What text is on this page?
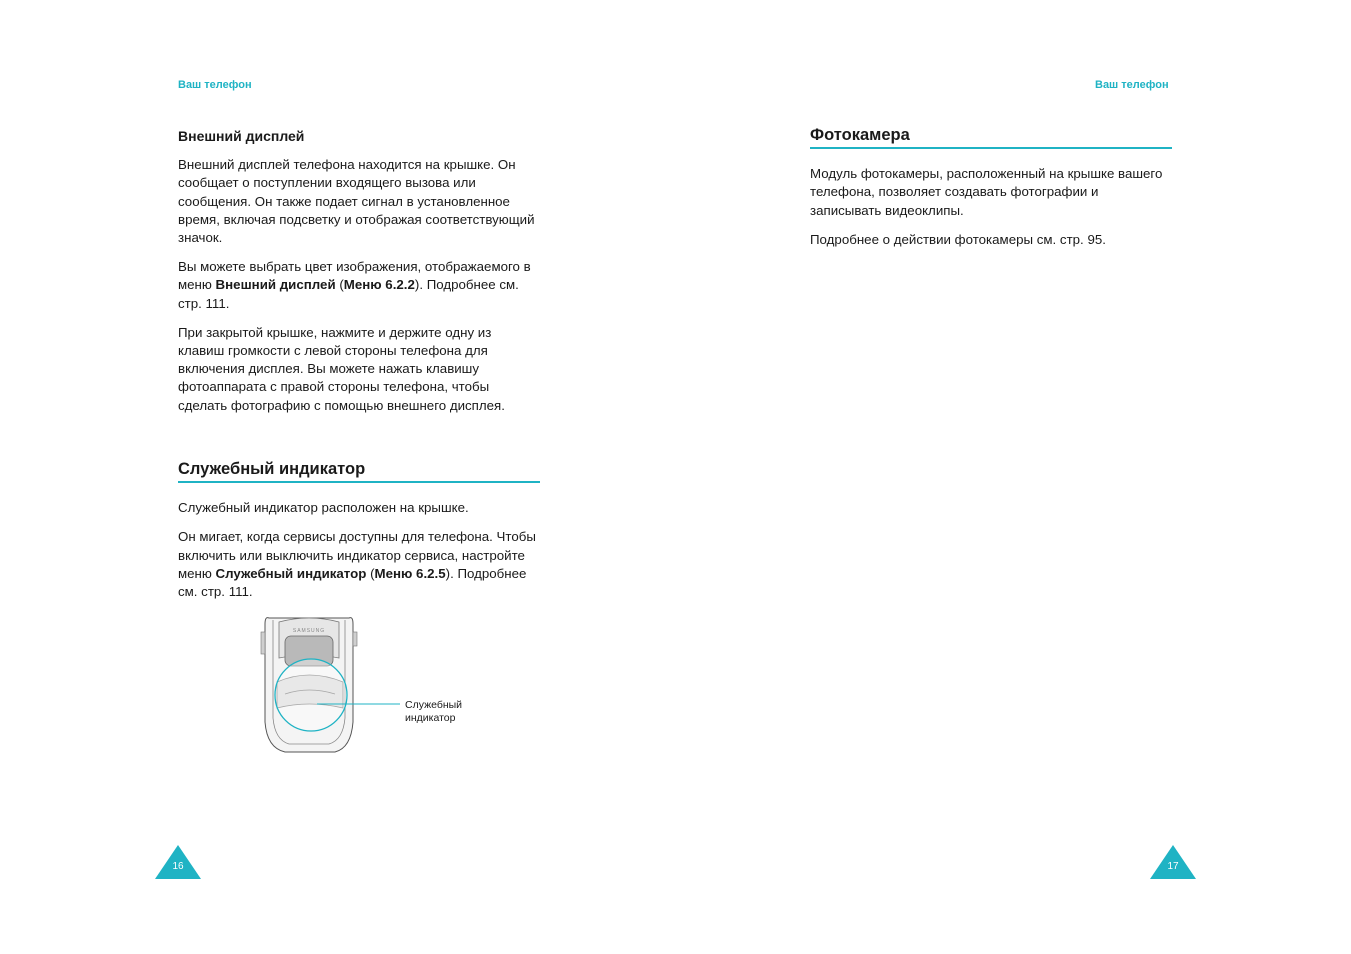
Ваш телефон
Внешний дисплей

Внешний дисплей телефона находится на крышке. Он сообщает о поступлении входящего вызова или сообщения. Он также подает сигнал в установленное время, включая подсветку и отображая соответствующий значок.

Вы можете выбрать цвет изображения, отображаемого в меню Внешний дисплей (Меню 6.2.2). Подробнее см. стр. 111.

При закрытой крышке, нажмите и держите одну из клавиш громкости с левой стороны телефона для включения дисплея. Вы можете нажать клавишу фотоаппарата с правой стороны телефона, чтобы сделать фотографию с помощью внешнего дисплея.

Служебный индикатор

Служебный индикатор расположен на крышке.

Он мигает, когда сервисы доступны для телефона. Чтобы включить или выключить индикатор сервиса, настройте меню Служебный индикатор (Меню 6.2.5). Подробнее см. стр. 111.

SAMSUNG
Служебный
индикатор
16
Ваш телефон
Фотокамера

Модуль фотокамеры, расположенный на крышке вашего телефона, позволяет создавать фотографии и записывать видеоклипы.

Подробнее о действии фотокамеры см. стр. 95.

17
